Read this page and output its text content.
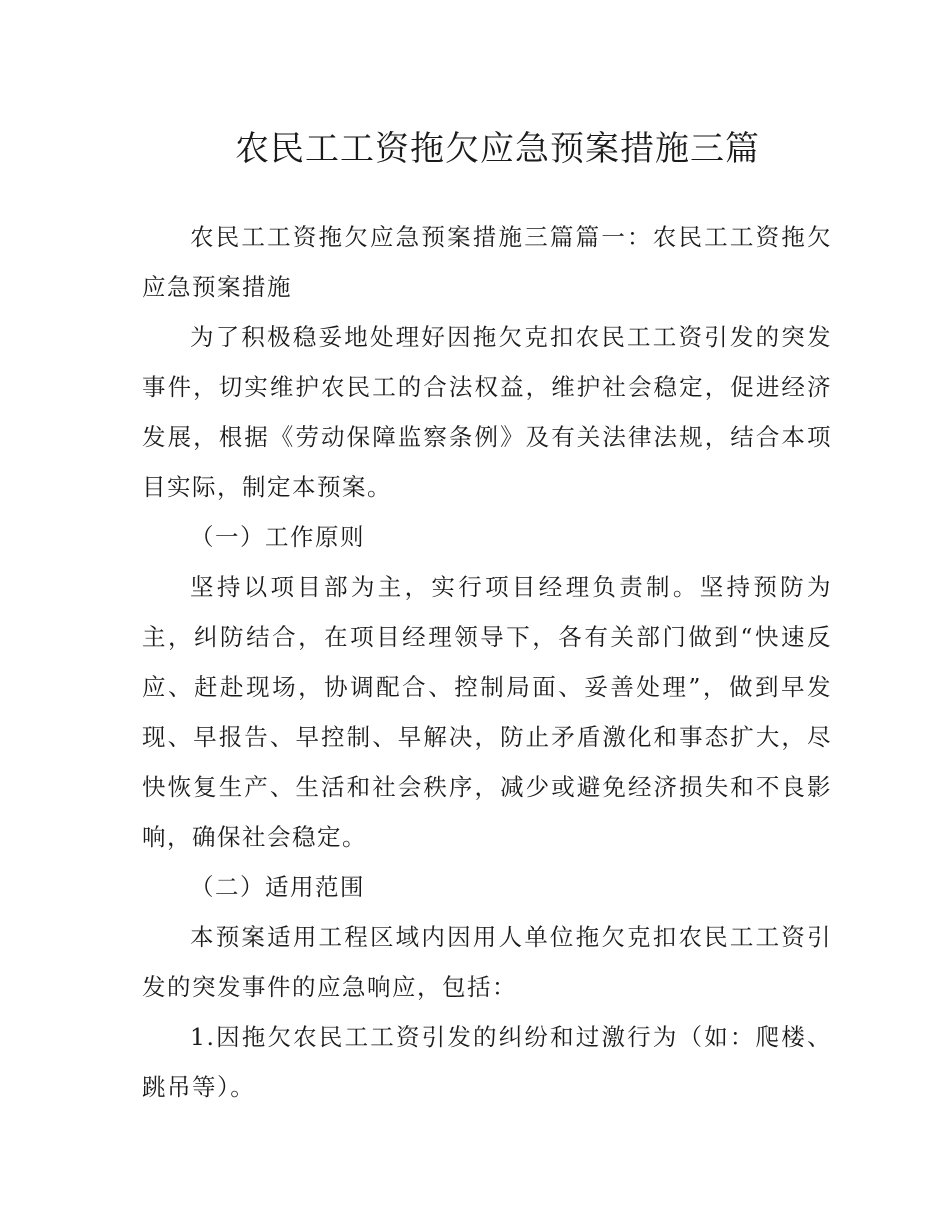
农民工工资拖欠应急预案措施三篇

农民工工资拖欠应急预案措施三篇篇一：农民工工资拖欠应急预案措施

为了积极稳妥地处理好因拖欠克扣农民工工资引发的突发事件，切实维护农民工的合法权益，维护社会稳定，促进经济发展，根据《劳动保障监察条例》及有关法律法规，结合本项目实际，制定本预案。

（一）工作原则

坚持以项目部为主，实行项目经理负责制。坚持预防为主，纠防结合，在项目经理领导下，各有关部门做到“快速反应、赶赴现场，协调配合、控制局面、妥善处理”，做到早发现、早报告、早控制、早解决，防止矛盾激化和事态扩大，尽快恢复生产、生活和社会秩序，减少或避免经济损失和不良影响，确保社会稳定。

（二）适用范围

本预案适用工程区域内因用人单位拖欠克扣农民工工资引发的突发事件的应急响应，包括：

1.因拖欠农民工工资引发的纠纷和过激行为（如：爬楼、跳吊等）。
